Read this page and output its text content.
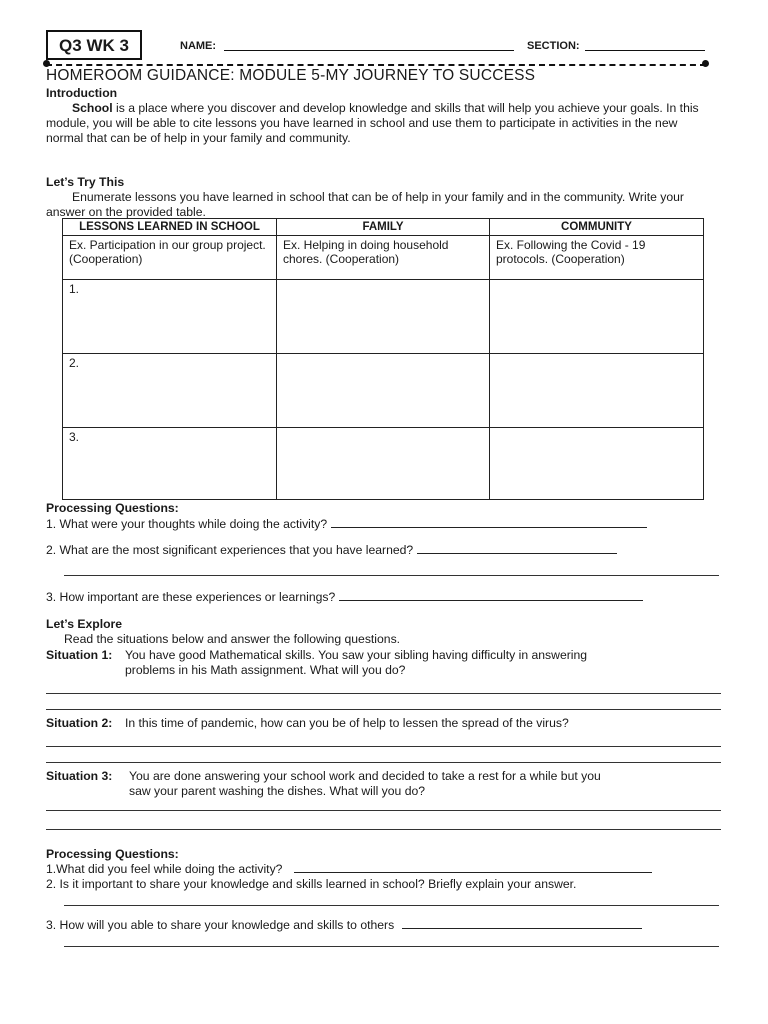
Q3 WK 3	NAME:	SECTION:
HOMEROOM GUIDANCE: MODULE 5-MY JOURNEY TO SUCCESS
Introduction
School is a place where you discover and develop knowledge and skills that will help you achieve your goals. In this module, you will be able to cite lessons you have learned in school and use them to participate in activities in the new normal that can be of help in your family and community.
Let’s Try This
Enumerate lessons you have learned in school that can be of help in your family and in the community. Write your answer on the provided table.
LESSONS LEARNED IN SCHOOL	FAMILY	COMMUNITY
Ex. Participation in our group project. (Cooperation)	Ex. Helping in doing household chores. (Cooperation)	Ex. Following the Covid - 19 protocols. (Cooperation)
1.		
2.		
3.		
Processing Questions:
1. What were your thoughts while doing the activity?
2. What are the most significant experiences that you have learned?
3. How important are these experiences or learnings?
Let’s Explore
Read the situations below and answer the following questions.
Situation 1: You have good Mathematical skills. You saw your sibling having difficulty in answering
problems in his Math assignment. What will you do?
Situation 2: In this time of pandemic, how can you be of help to lessen the spread of the virus?
Situation 3: You are done answering your school work and decided to take a rest for a while but you
saw your parent washing the dishes. What will you do?
Processing Questions:
1.What did you feel while doing the activity?
2. Is it important to share your knowledge and skills learned in school? Briefly explain your answer.
3. How will you able to share your knowledge and skills to others
